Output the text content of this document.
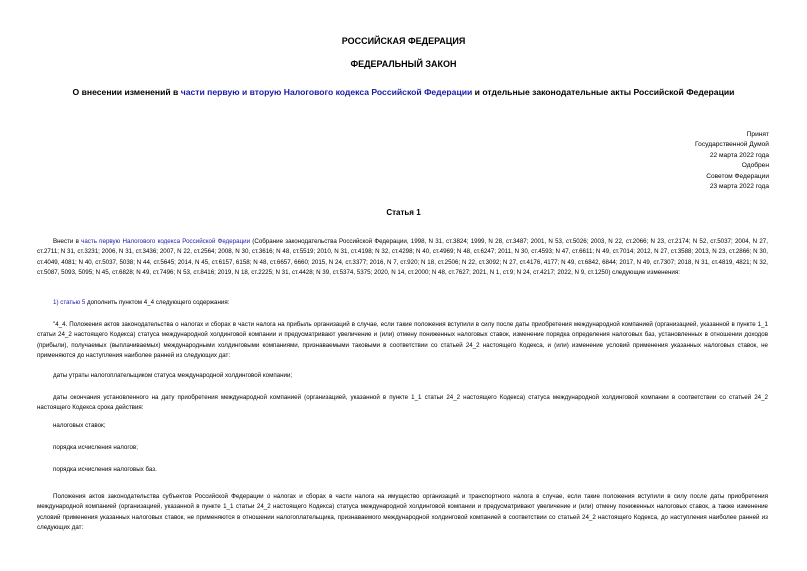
РОССИЙСКАЯ ФЕДЕРАЦИЯ
ФЕДЕРАЛЬНЫЙ ЗАКОН
О внесении изменений в части первую и вторую Налогового кодекса Российской Федерации и отдельные законодательные акты Российской Федерации
Принят
Государственной Думой
22 марта 2022 года
Одобрен
Советом Федерации
23 марта 2022 года
Статья 1
Внести в часть первую Налогового кодекса Российской Федерации (Собрание законодательства Российской Федерации, 1998, N 31, ст.3824; 1999, N 28, ст.3487; 2001, N 53, ст.5026; 2003, N 22, ст.2066; N 23, ст.2174; N 52, ст.5037; 2004, N 27, ст.2711; N 31, ст.3231; 2006, N 31, ст.3436; 2007, N 22, ст.2564; 2008, N 30, ст.3616; N 48, ст.5519; 2010, N 31, ст.4198; N 32, ст.4298; N 40, ст.4969; N 48, ст.6247; 2011, N 30, ст.4593; N 47, ст.6611; N 49, ст.7014; 2012, N 27, ст.3588; 2013, N 23, ст.2866; N 30, ст.4049, 4081; N 40, ст.5037, 5038; N 44, ст.5645; 2014, N 45, ст.6157, 6158; N 48, ст.6657, 6660; 2015, N 24, ст.3377; 2016, N 7, ст.920; N 18, ст.2506; N 22, ст.3092; N 27, ст.4176, 4177; N 49, ст.6842, 6844; 2017, N 49, ст.7307; 2018, N 31, ст.4819, 4821; N 32, ст.5087, 5093, 5095; N 45, ст.6828; N 49, ст.7496; N 53, ст.8416; 2019, N 18, ст.2225; N 31, ст.4428; N 39, ст.5374, 5375; 2020, N 14, ст.2000; N 48, ст.7627; 2021, N 1, ст.9; N 24, ст.4217; 2022, N 9, ст.1250) следующие изменения:
1) статью 5 дополнить пунктом 4_4 следующего содержания:
"4_4. Положения актов законодательства о налогах и сборах в части налога на прибыль организаций в случае, если такие положения вступили в силу после даты приобретения международной компанией (организацией, указанной в пункте 1_1 статьи 24_2 настоящего Кодекса) статуса международной холдинговой компании и предусматривают увеличение и (или) отмену пониженных налоговых ставок, изменение порядка определения налоговых баз, установленных в отношении доходов (прибыли), получаемых (выплачиваемых) международными холдинговыми компаниями, признаваемыми таковыми в соответствии со статьей 24_2 настоящего Кодекса, и (или) изменение условий применения указанных налоговых ставок, не применяются до наступления наиболее ранней из следующих дат:
даты утраты налогоплательщиком статуса международной холдинговой компании;
даты окончания установленного на дату приобретения международной компанией (организацией, указанной в пункте 1_1 статьи 24_2 настоящего Кодекса) статуса международной холдинговой компании в соответствии со статьей 24_2 настоящего Кодекса срока действия:
налоговых ставок;
порядка исчисления налогов;
порядка исчисления налоговых баз.
Положения актов законодательства субъектов Российской Федерации о налогах и сборах в части налога на имущество организаций и транспортного налога в случае, если такие положения вступили в силу после даты приобретения международной компанией (организацией, указанной в пункте 1_1 статьи 24_2 настоящего Кодекса) статуса международной холдинговой компании и предусматривают увеличение и (или) отмену пониженных налоговых ставок, а также изменение условий применения указанных налоговых ставок, не применяются в отношении налогоплательщика, признаваемого международной холдинговой компанией в соответствии со статьей 24_2 настоящего Кодекса, до наступления наиболее ранней из следующих дат:
